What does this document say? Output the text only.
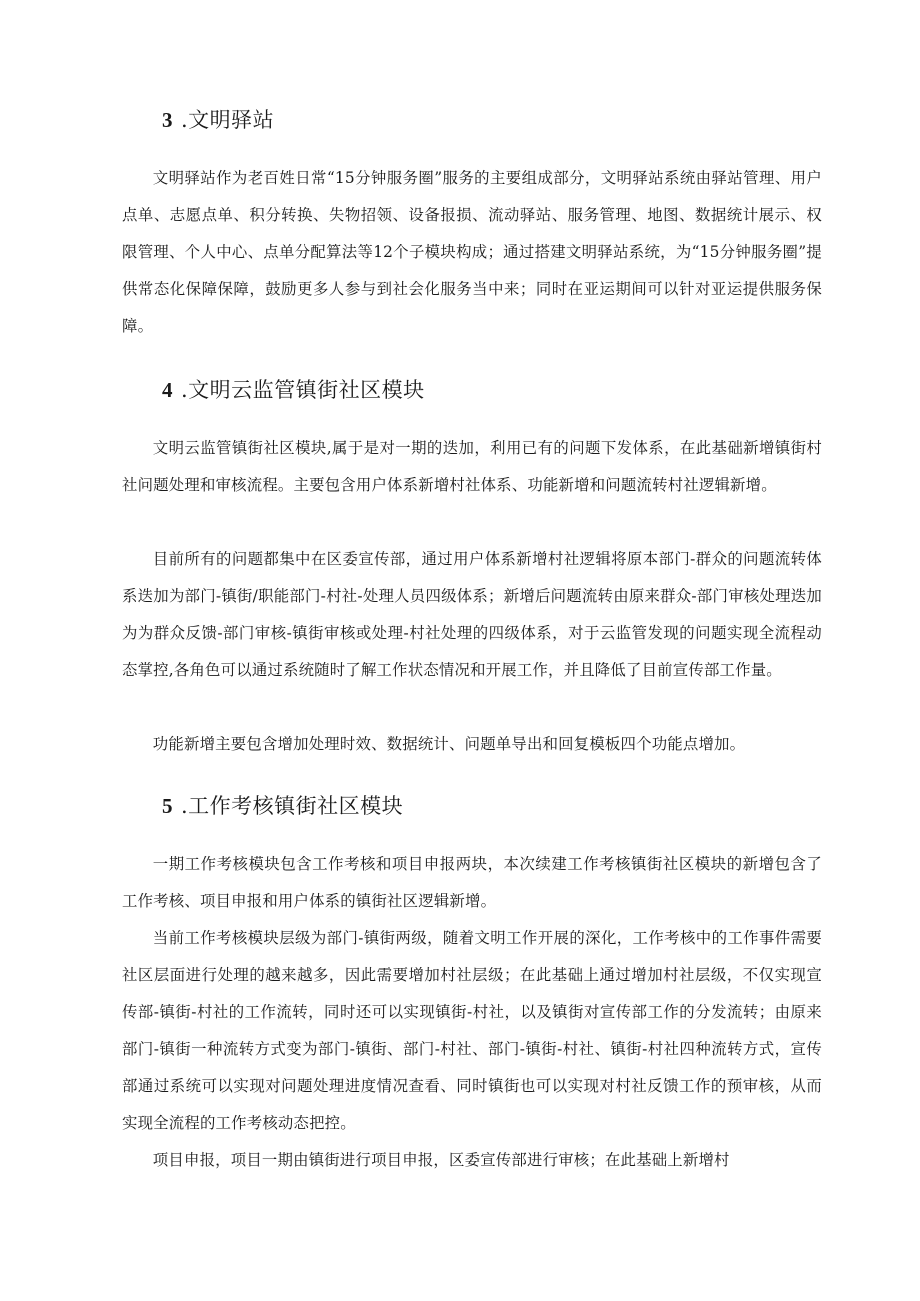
3 .文明驿站

文明驿站作为老百姓日常“15分钟服务圈”服务的主要组成部分，文明驿站系统由驿站管理、用户点单、志愿点单、积分转换、失物招领、设备报损、流动驿站、服务管理、地图、数据统计展示、权限管理、个人中心、点单分配算法等12个子模块构成；通过搭建文明驿站系统，为“15分钟服务圈”提供常态化保障保障，鼓励更多人参与到社会化服务当中来；同时在亚运期间可以针对亚运提供服务保障。

4 .文明云监管镇街社区模块

文明云监管镇街社区模块,属于是对一期的迭加，利用已有的问题下发体系，在此基础新增镇街村社问题处理和审核流程。主要包含用户体系新增村社体系、功能新增和问题流转村社逻辑新增。

目前所有的问题都集中在区委宣传部，通过用户体系新增村社逻辑将原本部门-群众的问题流转体系迭加为部门-镇街/职能部门-村社-处理人员四级体系；新增后问题流转由原来群众-部门审核处理迭加为为群众反馈-部门审核-镇街审核或处理-村社处理的四级体系，对于云监管发现的问题实现全流程动态掌控,各角色可以通过系统随时了解工作状态情况和开展工作，并且降低了目前宣传部工作量。

功能新增主要包含增加处理时效、数据统计、问题单导出和回复模板四个功能点增加。

5 .工作考核镇街社区模块

一期工作考核模块包含工作考核和项目申报两块，本次续建工作考核镇街社区模块的新增包含了工作考核、项目申报和用户体系的镇街社区逻辑新增。

当前工作考核模块层级为部门-镇街两级，随着文明工作开展的深化，工作考核中的工作事件需要社区层面进行处理的越来越多，因此需要增加村社层级；在此基础上通过增加村社层级，不仅实现宣传部-镇街-村社的工作流转，同时还可以实现镇街-村社，以及镇街对宣传部工作的分发流转；由原来部门-镇街一种流转方式变为部门-镇街、部门-村社、部门-镇街-村社、镇街-村社四种流转方式，宣传部通过系统可以实现对问题处理进度情况查看、同时镇街也可以实现对村社反馈工作的预审核，从而实现全流程的工作考核动态把控。

项目申报，项目一期由镇街进行项目申报，区委宣传部进行审核；在此基础上新增村
